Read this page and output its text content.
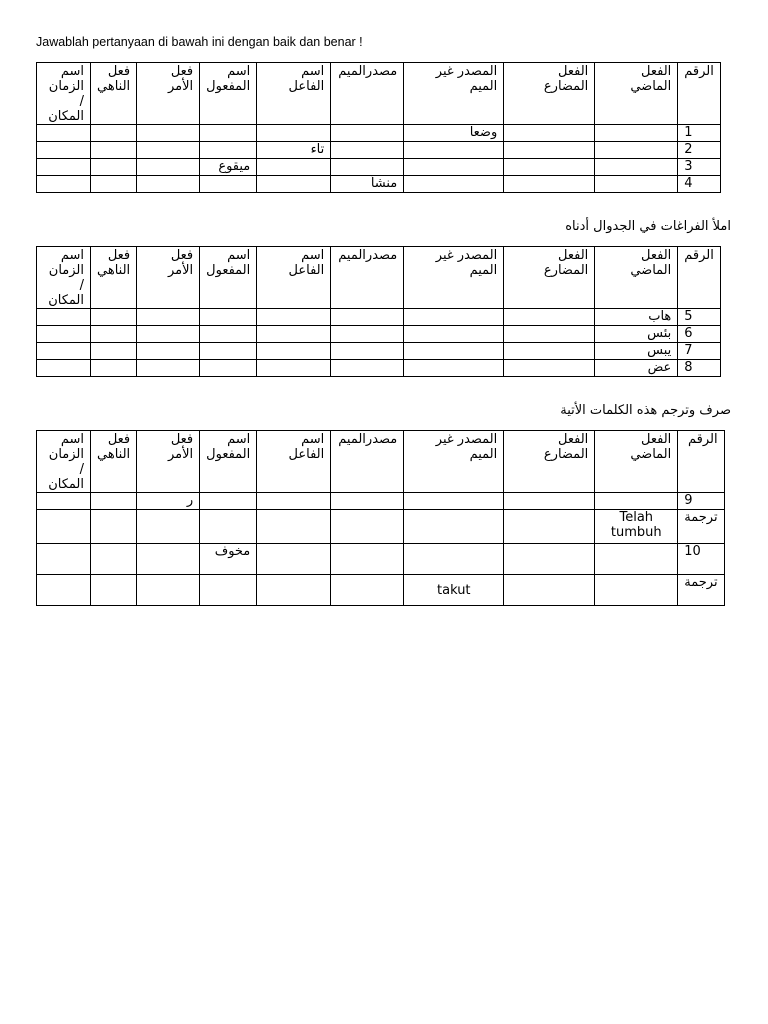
Jawablah pertanyaan di bawah ini dengan baik dan benar !
الرقم	الفعل الماضي	الفعل المضارع	المصدر غير الميم	مصدرالميم	اسم الفاعل	اسم المفعول	فعل الأمر	فعل الناهي	اسم الزمان / المكان
1			وضعا						
2					تاء				
3						ميقوع			
4				منشأ					
املأ الفراغات في الجدوال أدناه
الرقم	الفعل الماضي	الفعل المضارع	المصدر غير الميم	مصدرالميم	اسم الفاعل	اسم المفعول	فعل الأمر	فعل الناهي	اسم الزمان / المكان
5	هاب								
6	بئس								
7	يبس								
8	عض								
صرف وترجم هذه الكلمات الأتية
الرقم	الفعل الماضي	الفعل المضارع	المصدر غير الميم	مصدرالميم	اسم الفاعل	اسم المفعول	فعل الأمر	فعل الناهي	اسم الزمان / المكان
9							ر		
ترجمة	Telah tumbuh								
10						مخوف			
ترجمة			takut						
